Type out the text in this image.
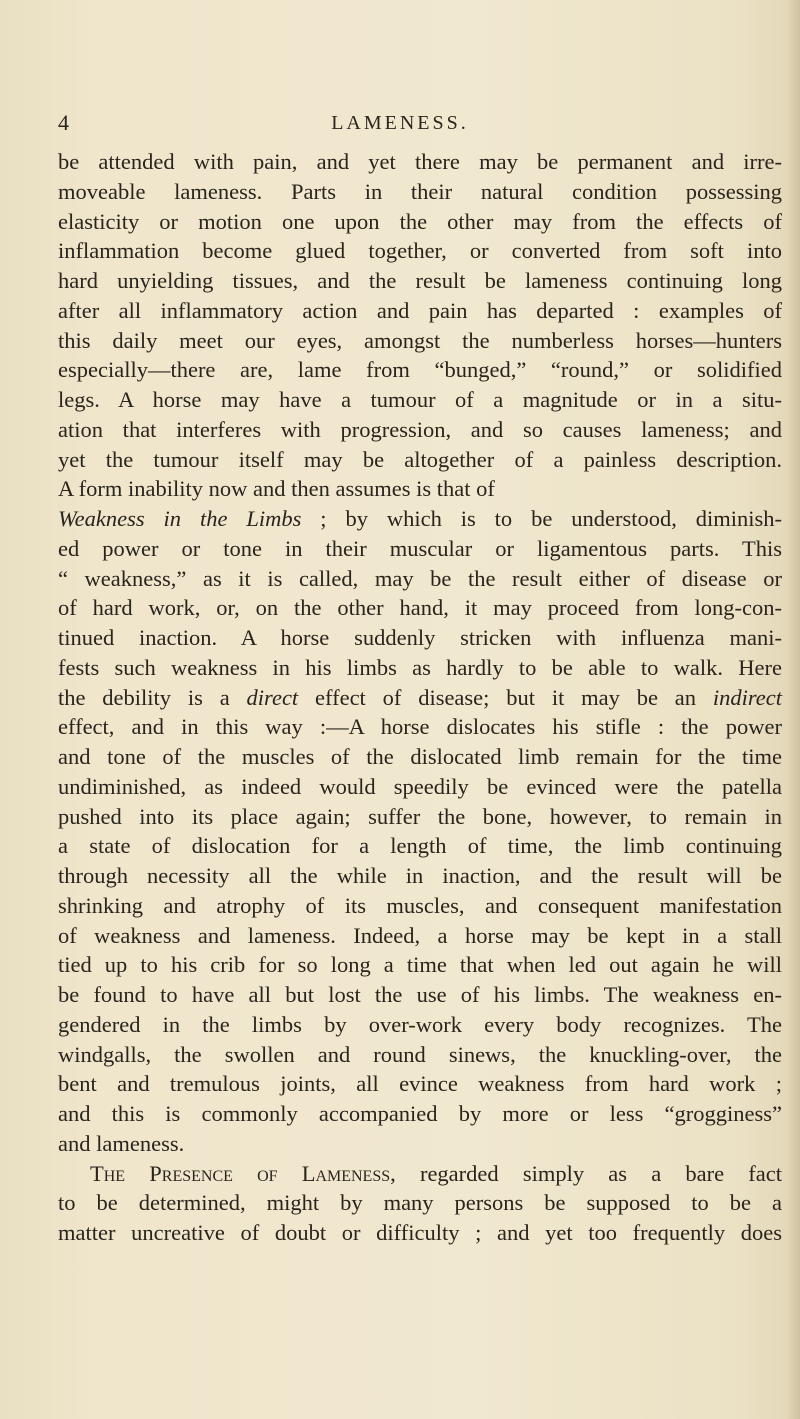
4	LAMENESS.
be attended with pain, and yet there may be permanent and irre-
moveable lameness. Parts in their natural condition possessing
elasticity or motion one upon the other may from the effects of
inflammation become glued together, or converted from soft into
hard unyielding tissues, and the result be lameness continuing long
after all inflammatory action and pain has departed : examples of
this daily meet our eyes, amongst the numberless horses—hunters
especially—there are, lame from “bunged,” “round,” or solidified
legs. A horse may have a tumour of a magnitude or in a situ-
ation that interferes with progression, and so causes lameness; and
yet the tumour itself may be altogether of a painless description.
A form inability now and then assumes is that of
Weakness in the Limbs ; by which is to be understood, diminish-
ed power or tone in their muscular or ligamentous parts. This
“ weakness,” as it is called, may be the result either of disease or
of hard work, or, on the other hand, it may proceed from long-con-
tinued inaction. A horse suddenly stricken with influenza mani-
fests such weakness in his limbs as hardly to be able to walk. Here
the debility is a direct effect of disease; but it may be an indirect
effect, and in this way :—A horse dislocates his stifle : the power
and tone of the muscles of the dislocated limb remain for the time
undiminished, as indeed would speedily be evinced were the patella
pushed into its place again; suffer the bone, however, to remain in
a state of dislocation for a length of time, the limb continuing
through necessity all the while in inaction, and the result will be
shrinking and atrophy of its muscles, and consequent manifestation
of weakness and lameness. Indeed, a horse may be kept in a stall
tied up to his crib for so long a time that when led out again he will
be found to have all but lost the use of his limbs. The weakness en-
gendered in the limbs by over-work every body recognizes. The
windgalls, the swollen and round sinews, the knuckling-over, the
bent and tremulous joints, all evince weakness from hard work ;
and this is commonly accompanied by more or less “grogginess”
and lameness.
The Presence of Lameness, regarded simply as a bare fact
to be determined, might by many persons be supposed to be a
matter uncreative of doubt or difficulty ; and yet too frequently does
